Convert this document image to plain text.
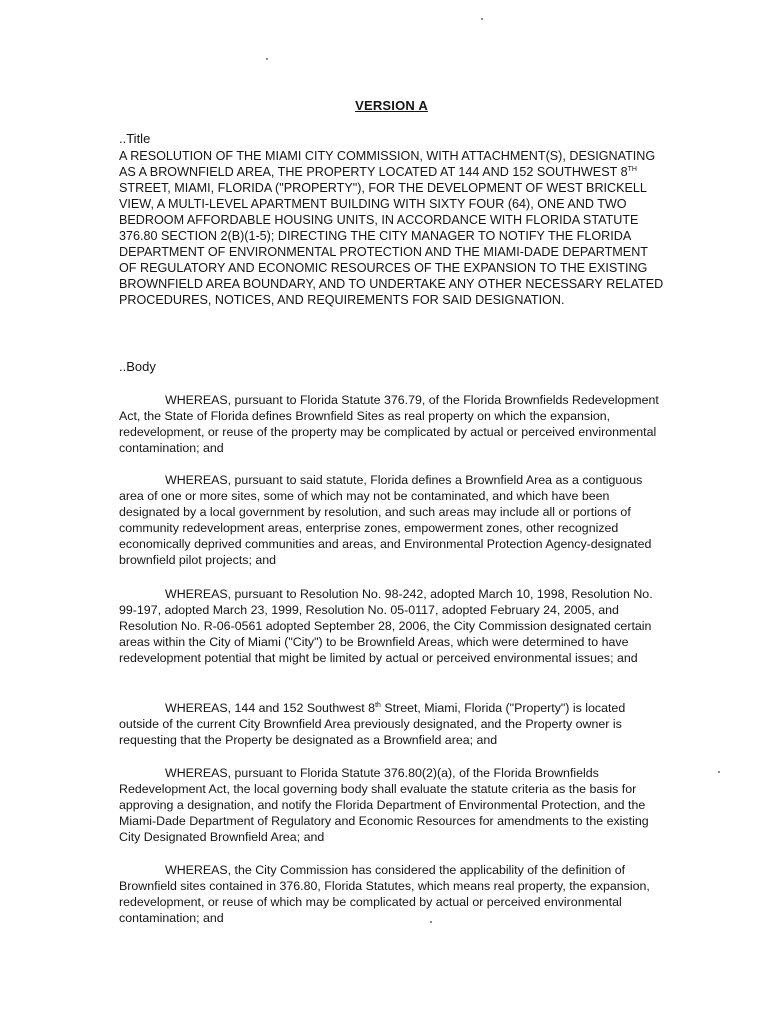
VERSION A
..Title
A RESOLUTION OF THE MIAMI CITY COMMISSION, WITH ATTACHMENT(S), DESIGNATING AS A BROWNFIELD AREA, THE PROPERTY LOCATED AT 144 AND 152 SOUTHWEST 8TH STREET, MIAMI, FLORIDA ("PROPERTY"), FOR THE DEVELOPMENT OF WEST BRICKELL VIEW, A MULTI-LEVEL APARTMENT BUILDING WITH SIXTY FOUR (64), ONE AND TWO BEDROOM AFFORDABLE HOUSING UNITS, IN ACCORDANCE WITH FLORIDA STATUTE 376.80 SECTION 2(B)(1-5); DIRECTING THE CITY MANAGER TO NOTIFY THE FLORIDA DEPARTMENT OF ENVIRONMENTAL PROTECTION AND THE MIAMI-DADE DEPARTMENT OF REGULATORY AND ECONOMIC RESOURCES OF THE EXPANSION TO THE EXISTING BROWNFIELD AREA BOUNDARY, AND TO UNDERTAKE ANY OTHER NECESSARY RELATED PROCEDURES, NOTICES, AND REQUIREMENTS FOR SAID DESIGNATION.
..Body

WHEREAS, pursuant to Florida Statute 376.79, of the Florida Brownfields Redevelopment Act, the State of Florida defines Brownfield Sites as real property on which the expansion, redevelopment, or reuse of the property may be complicated by actual or perceived environmental contamination; and

WHEREAS, pursuant to said statute, Florida defines a Brownfield Area as a contiguous area of one or more sites, some of which may not be contaminated, and which have been designated by a local government by resolution, and such areas may include all or portions of community redevelopment areas, enterprise zones, empowerment zones, other recognized economically deprived communities and areas, and Environmental Protection Agency-designated brownfield pilot projects; and

WHEREAS, pursuant to Resolution No. 98-242, adopted March 10, 1998, Resolution No. 99-197, adopted March 23, 1999, Resolution No. 05-0117, adopted February 24, 2005, and Resolution No. R-06-0561 adopted September 28, 2006, the City Commission designated certain areas within the City of Miami ("City") to be Brownfield Areas, which were determined to have redevelopment potential that might be limited by actual or perceived environmental issues; and

WHEREAS, 144 and 152 Southwest 8th Street, Miami, Florida ("Property") is located outside of the current City Brownfield Area previously designated, and the Property owner is requesting that the Property be designated as a Brownfield area; and

WHEREAS, pursuant to Florida Statute 376.80(2)(a), of the Florida Brownfields Redevelopment Act, the local governing body shall evaluate the statute criteria as the basis for approving a designation, and notify the Florida Department of Environmental Protection, and the Miami-Dade Department of Regulatory and Economic Resources for amendments to the existing City Designated Brownfield Area; and

WHEREAS, the City Commission has considered the applicability of the definition of Brownfield sites contained in 376.80, Florida Statutes, which means real property, the expansion, redevelopment, or reuse of which may be complicated by actual or perceived environmental contamination; and
